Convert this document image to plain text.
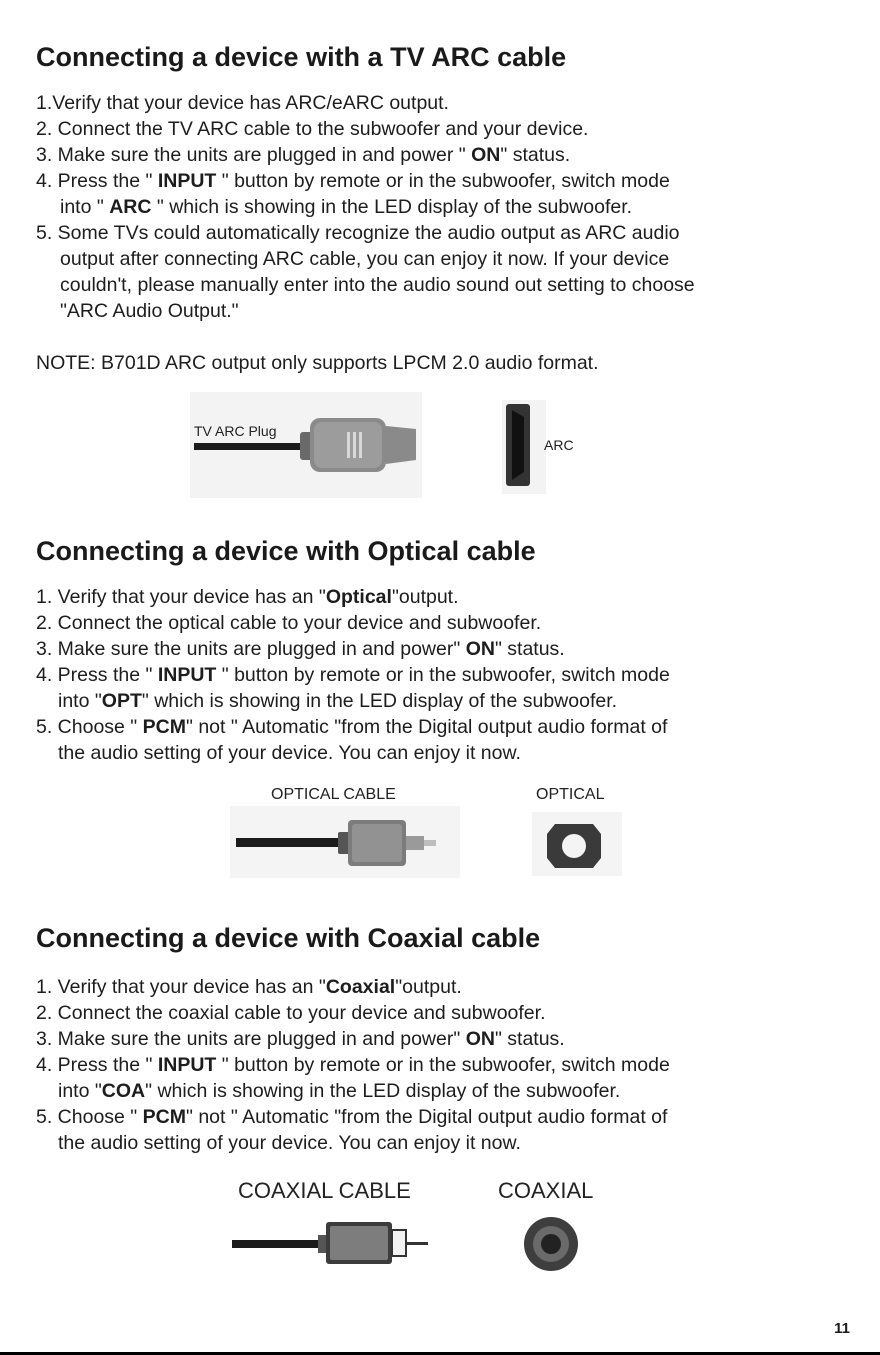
Connecting a device with a TV ARC cable

1.Verify that your device has ARC/eARC output.

2. Connect the TV ARC cable to the subwoofer and your device.

3. Make sure the units are plugged in and power " ON" status.

4. Press the " INPUT " button by remote or in the subwoofer, switch mode

into " ARC " which is showing in the LED display of the subwoofer.

5. Some TVs could automatically recognize the audio output as ARC audio

output after connecting ARC cable, you can enjoy it now. If your device

couldn't, please manually enter into the audio sound out setting to choose

"ARC Audio Output."

NOTE: B701D ARC output only supports LPCM 2.0 audio format.

TV ARC Plug
ARC
Connecting a device with Optical cable

1. Verify that your device has an "Optical"output.

2. Connect the optical cable to your device and subwoofer.

3. Make sure the units are plugged in and power" ON" status.

4. Press the " INPUT " button by remote or in the subwoofer, switch mode

into "OPT" which is showing in the LED display of the subwoofer.

5. Choose " PCM" not " Automatic "from the Digital output audio format of

the audio setting of your device. You can enjoy it now.

OPTICAL CABLE	OPTICAL
Connecting a device with Coaxial cable

1. Verify that your device has an "Coaxial"output.

2. Connect the coaxial cable to your device and subwoofer.

3. Make sure the units are plugged in and power" ON" status.

4. Press the " INPUT " button by remote or in the subwoofer, switch mode

into "COA" which is showing in the LED display of the subwoofer.

5. Choose " PCM" not " Automatic "from the Digital output audio format of

the audio setting of your device. You can enjoy it now.

COAXIAL CABLE	COAXIAL
11
